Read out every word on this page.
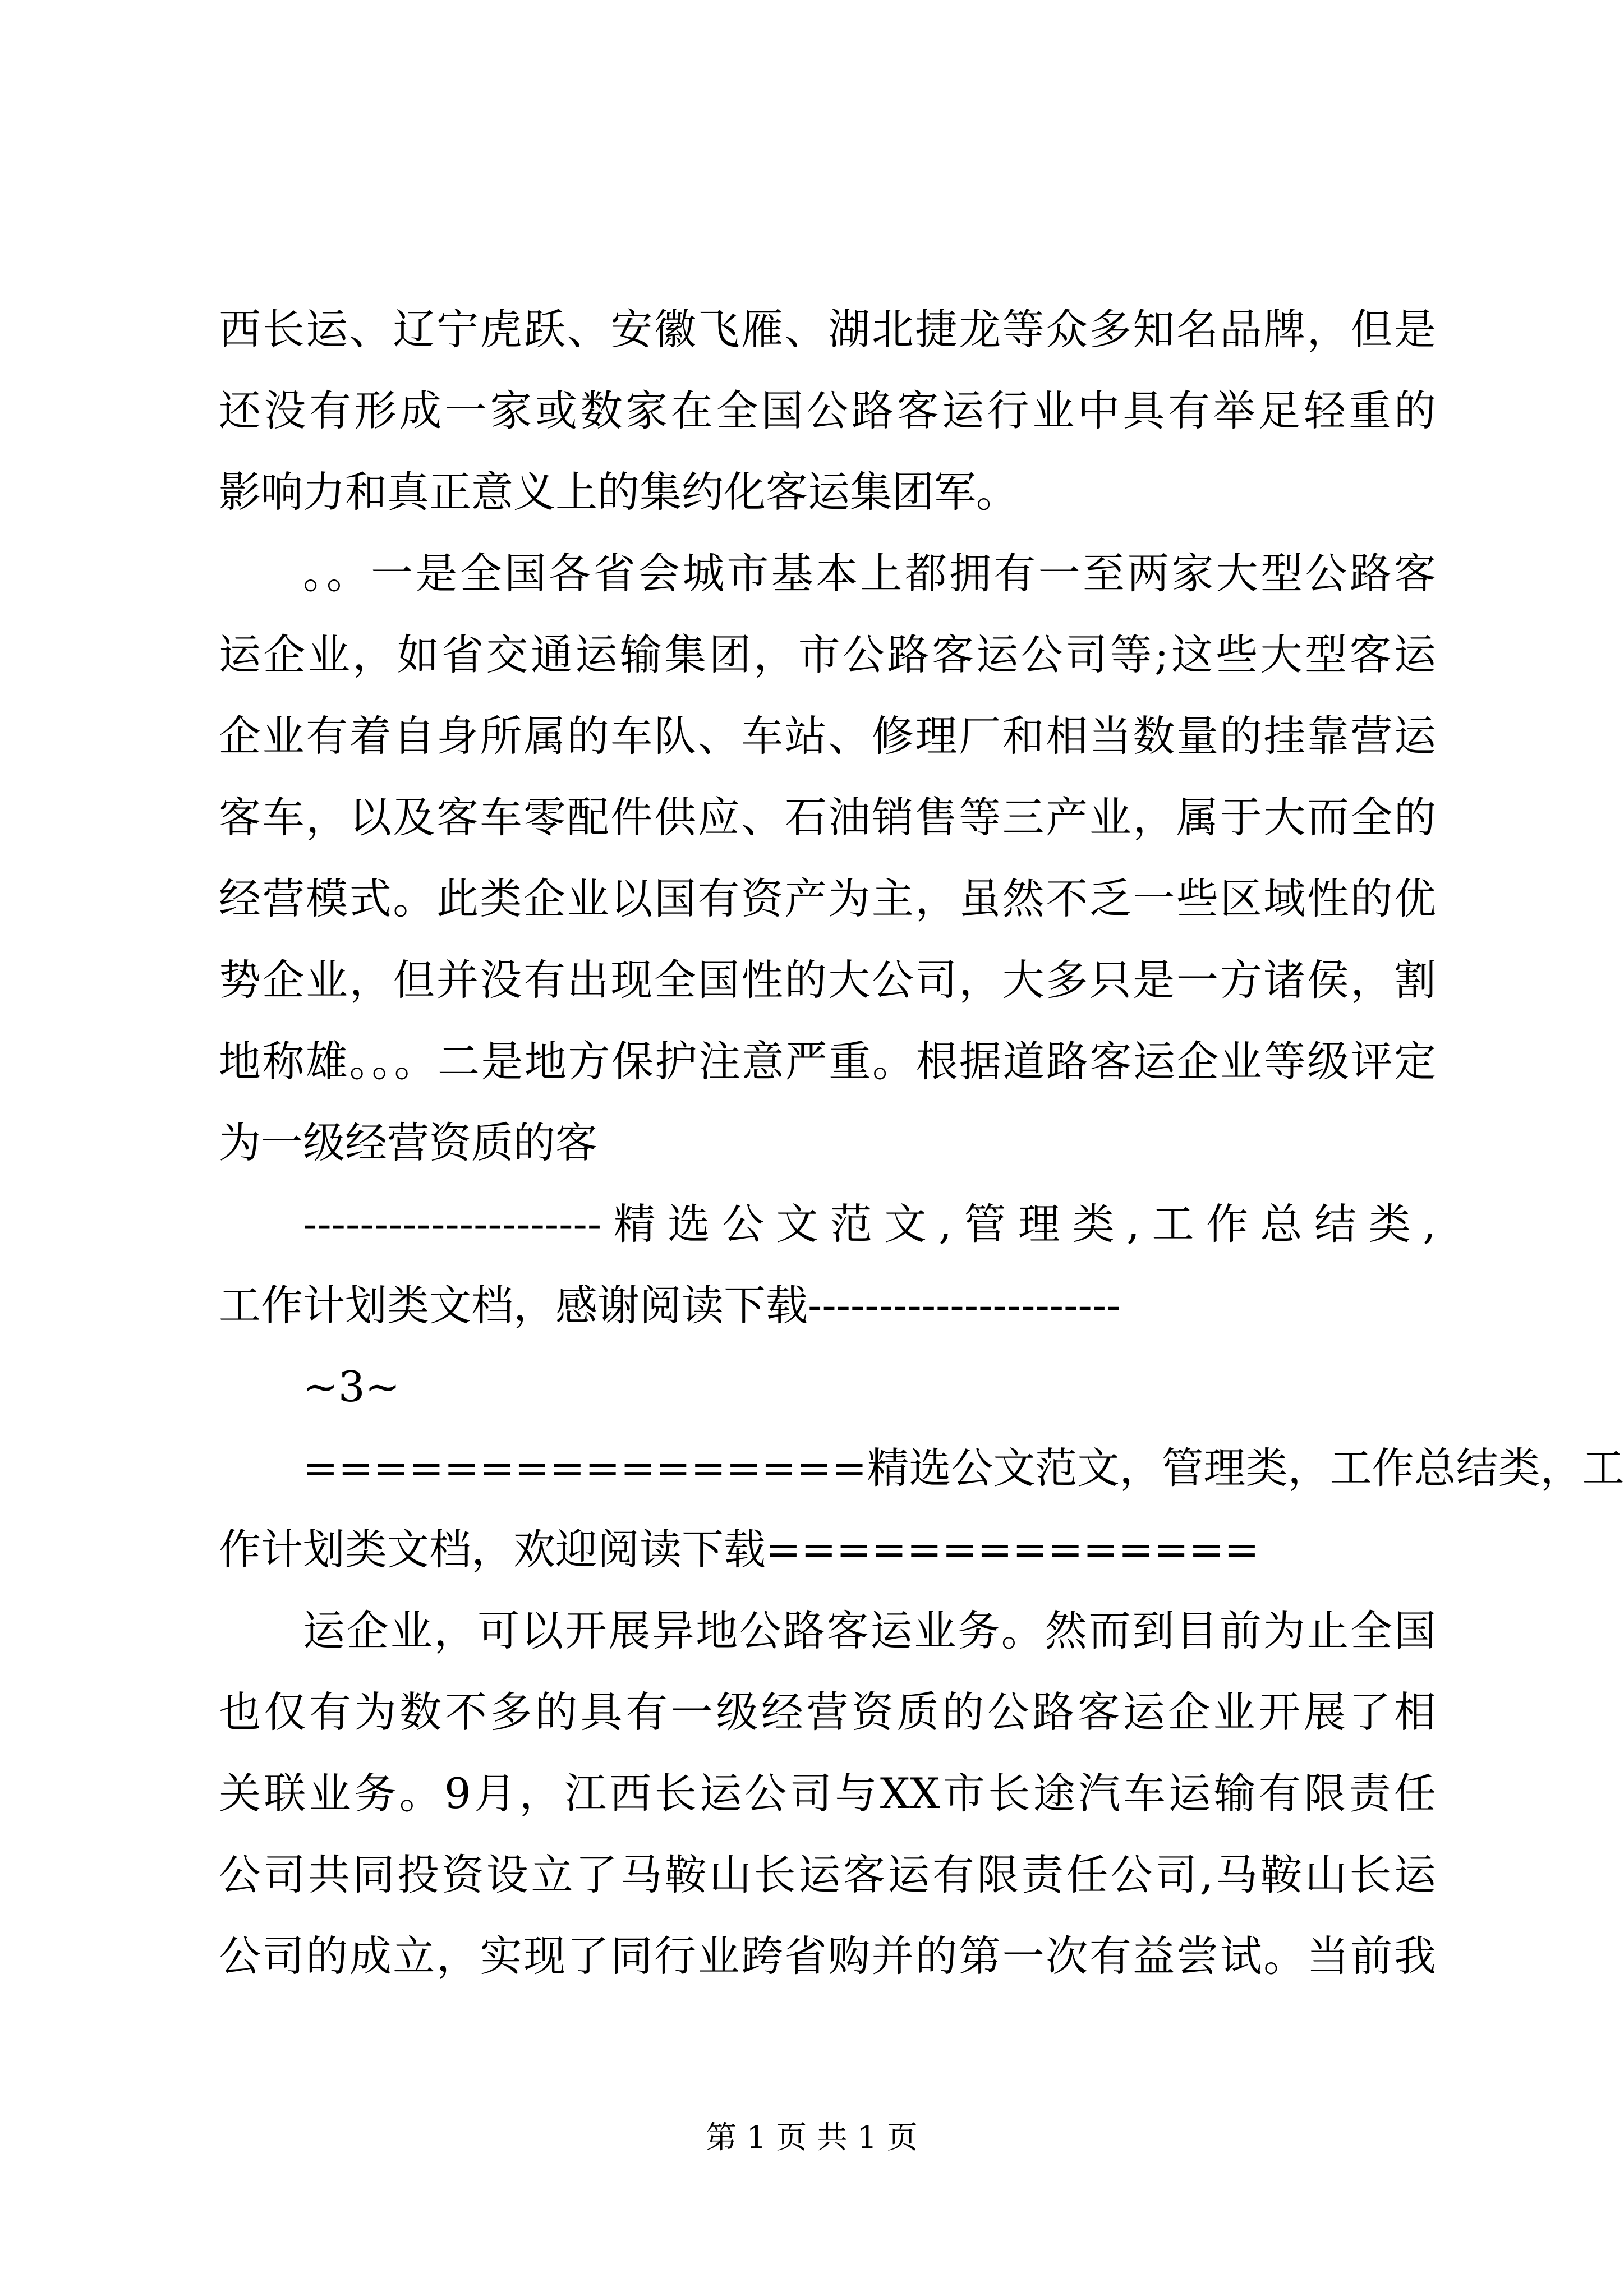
西长运、辽宁虎跃、安徽飞雁、湖北捷龙等众多知名品牌，但是
还没有形成一家或数家在全国公路客运行业中具有举足轻重的
影响力和真正意义上的集约化客运集团军。
。。一是全国各省会城市基本上都拥有一至两家大型公路客
运企业，如省交通运输集团，市公路客运公司等;这些大型客运
企业有着自身所属的车队、车站、修理厂和相当数量的挂靠营运
客车，以及客车零配件供应、石油销售等三产业，属于大而全的
经营模式。此类企业以国有资产为主，虽然不乏一些区域性的优
势企业，但并没有出现全国性的大公司，大多只是一方诸侯，割
地称雄。。。二是地方保护注意严重。根据道路客运企业等级评定
为一级经营资质的客
---------------------精选公文范文,管理类,工作总结类,
工作计划类文档，感谢阅读下载----------------------
~3~
================精选公文范文，管理类，工作总结类，工
作计划类文档，欢迎阅读下载==============
运企业，可以开展异地公路客运业务。然而到目前为止全国
也仅有为数不多的具有一级经营资质的公路客运企业开展了相
关联业务。9月，江西长运公司与XX市长途汽车运输有限责任
公司共同投资设立了马鞍山长运客运有限责任公司,马鞍山长运
公司的成立，实现了同行业跨省购并的第一次有益尝试。当前我
第 1 页 共 1 页
